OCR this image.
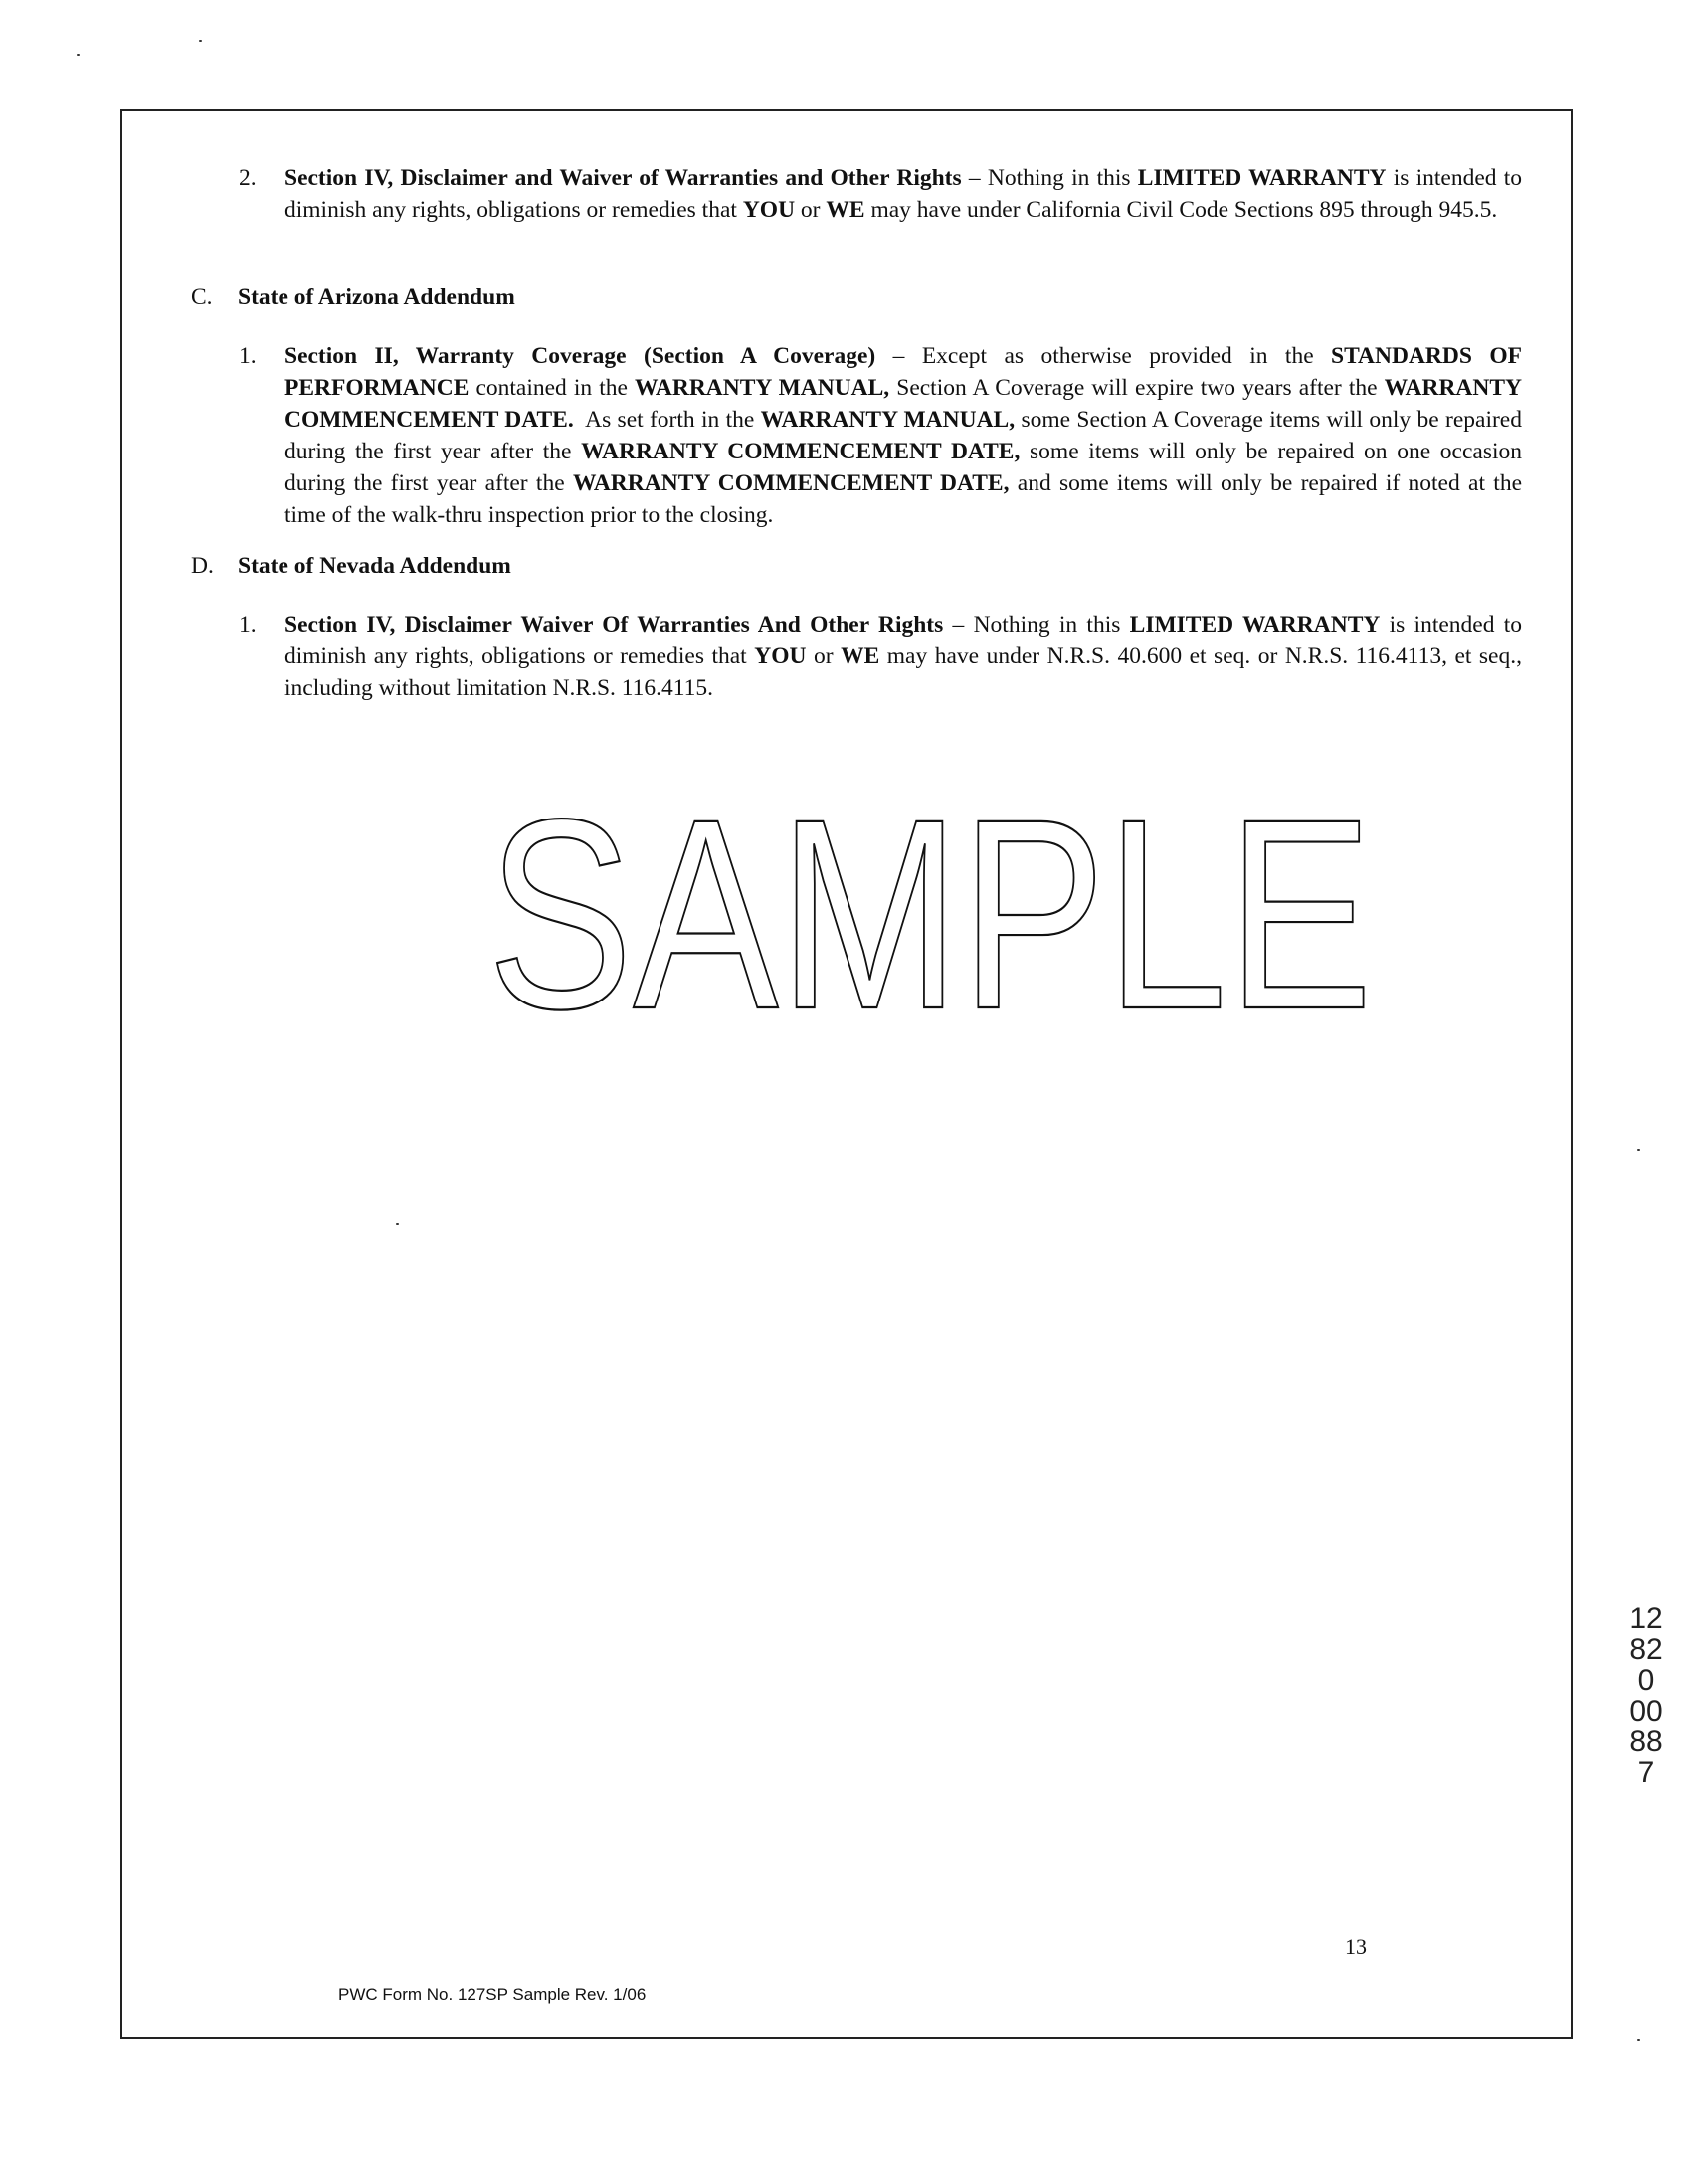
2. Section IV, Disclaimer and Waiver of Warranties and Other Rights – Nothing in this LIMITED WARRANTY is intended to diminish any rights, obligations or remedies that YOU or WE may have under California Civil Code Sections 895 through 945.5.
C. State of Arizona Addendum
1. Section II, Warranty Coverage (Section A Coverage) – Except as otherwise provided in the STANDARDS OF PERFORMANCE contained in the WARRANTY MANUAL, Section A Coverage will expire two years after the WARRANTY COMMENCEMENT DATE.  As set forth in the WARRANTY MANUAL, some Section A Coverage items will only be repaired during the first year after the WARRANTY COMMENCEMENT DATE, some items will only be repaired on one occasion during the first year after the WARRANTY COMMENCEMENT DATE, and some items will only be repaired if noted at the time of the walk-thru inspection prior to the closing.
D. State of Nevada Addendum
1. Section IV, Disclaimer Waiver Of Warranties And Other Rights – Nothing in this LIMITED WARRANTY is intended to diminish any rights, obligations or remedies that YOU or WE may have under N.R.S. 40.600 et seq. or N.R.S. 116.4113, et seq., including without limitation N.R.S. 116.4115.
SAMPLE
13
PWC Form No. 127SP Sample Rev. 1/06
12820 00887
